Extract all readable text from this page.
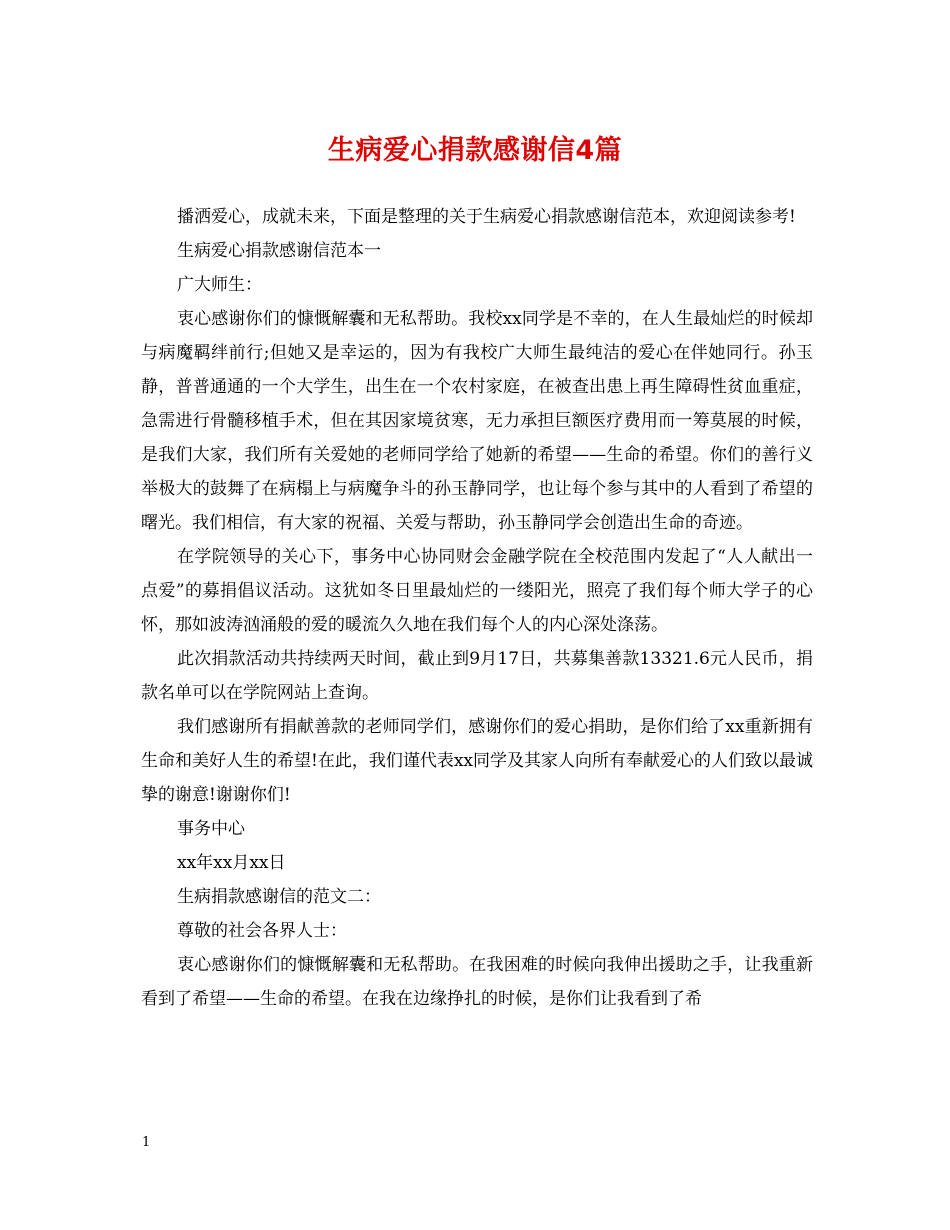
生病爱心捐款感谢信4篇

播洒爱心，成就未来，下面是整理的关于生病爱心捐款感谢信范本，欢迎阅读参考!

生病爱心捐款感谢信范本一

广大师生：

衷心感谢你们的慷慨解囊和无私帮助。我校xx同学是不幸的，在人生最灿烂的时候却与病魔羁绊前行;但她又是幸运的，因为有我校广大师生最纯洁的爱心在伴她同行。孙玉静，普普通通的一个大学生，出生在一个农村家庭，在被查出患上再生障碍性贫血重症，急需进行骨髓移植手术，但在其因家境贫寒，无力承担巨额医疗费用而一筹莫展的时候，是我们大家，我们所有关爱她的老师同学给了她新的希望——生命的希望。你们的善行义举极大的鼓舞了在病榻上与病魔争斗的孙玉静同学，也让每个参与其中的人看到了希望的曙光。我们相信，有大家的祝福、关爱与帮助，孙玉静同学会创造出生命的奇迹。

在学院领导的关心下，事务中心协同财会金融学院在全校范围内发起了“人人献出一点爱”的募捐倡议活动。这犹如冬日里最灿烂的一缕阳光，照亮了我们每个师大学子的心怀，那如波涛汹涌般的爱的暖流久久地在我们每个人的内心深处涤荡。

此次捐款活动共持续两天时间，截止到9月17日，共募集善款13321.6元人民币，捐款名单可以在学院网站上查询。

我们感谢所有捐献善款的老师同学们，感谢你们的爱心捐助，是你们给了xx重新拥有生命和美好人生的希望!在此，我们谨代表xx同学及其家人向所有奉献爱心的人们致以最诚挚的谢意!谢谢你们!

事务中心

xx年xx月xx日

生病捐款感谢信的范文二：

尊敬的社会各界人士：

衷心感谢你们的慷慨解囊和无私帮助。在我困难的时候向我伸出援助之手，让我重新看到了希望——生命的希望。在我在边缘挣扎的时候，是你们让我看到了希

1
